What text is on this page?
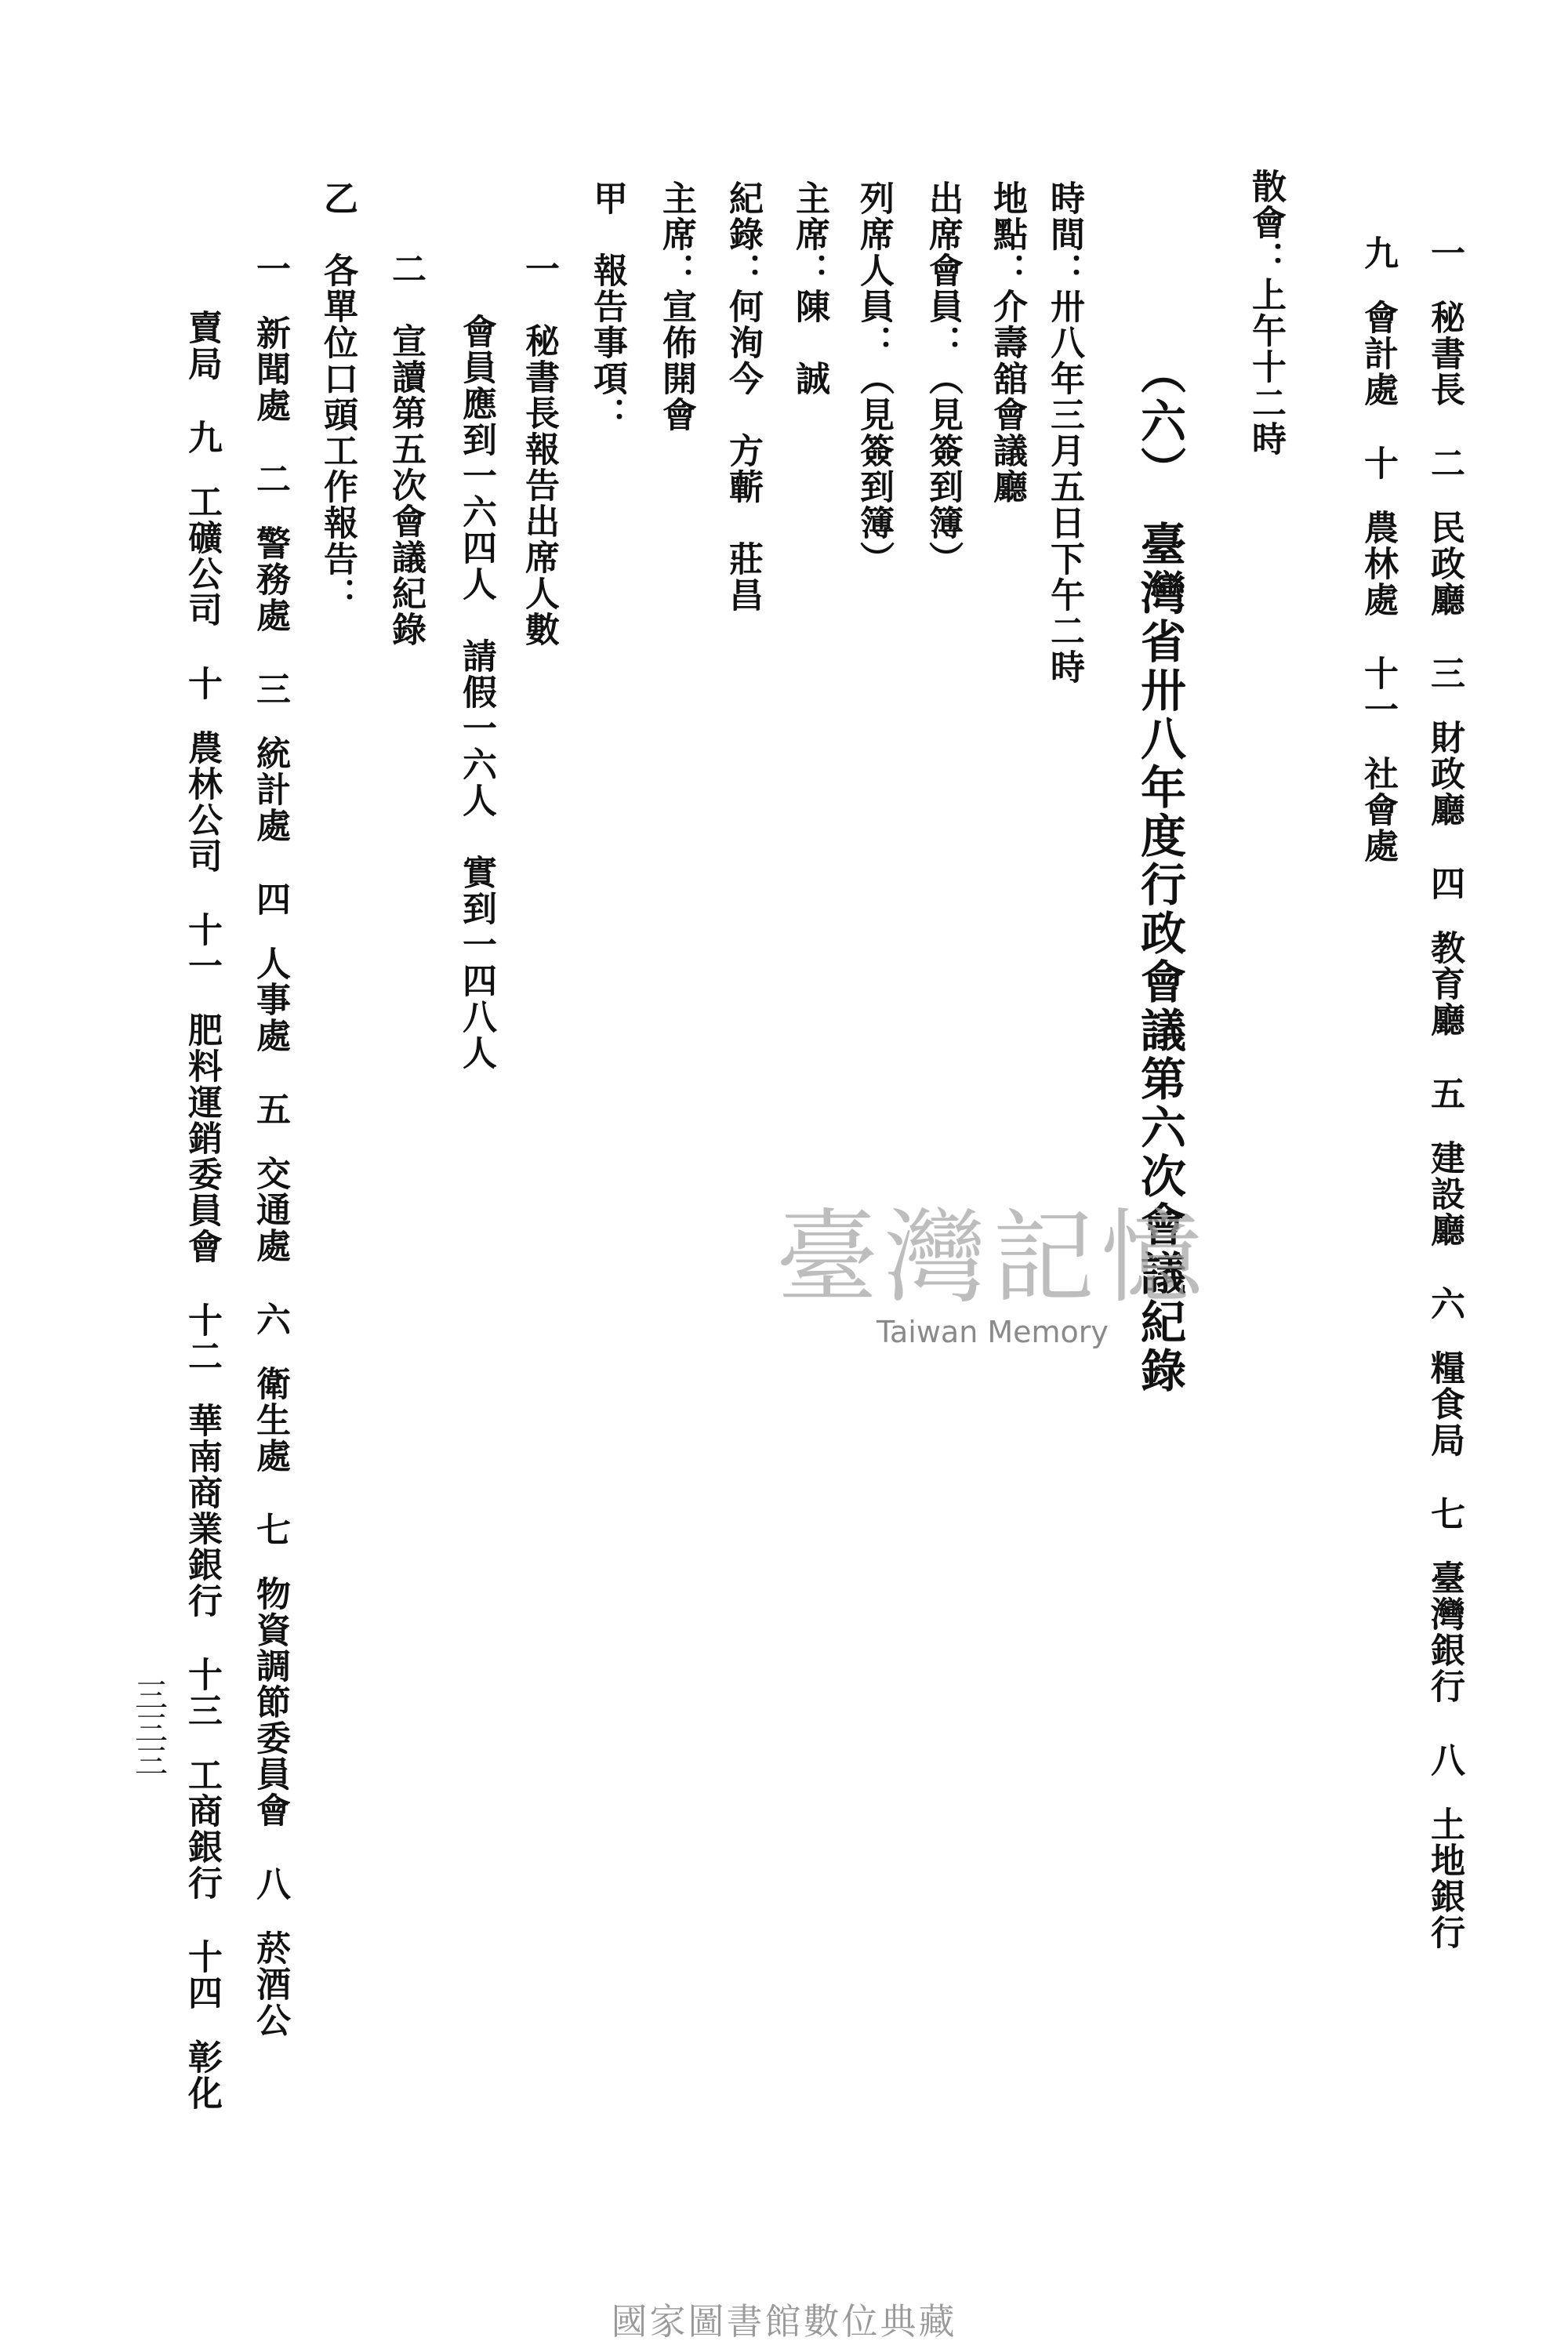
一秘書長二民政廳三財政廳四教育廳五建設廳六糧食局七臺灣銀行八土地銀行
九會計處十農林處十一社會處
散會：上午十二時
（六）　臺灣省卅八年度行政會議第六次會議紀錄
時間：卅八年三月五日下午二時
地點：介壽舘會議廳
出席會員：（見簽到簿）
列席人員：（見簽到簿）
主席：陳　誠
紀錄：何洵今　方蘄　莊昌
主席：宣佈開會
甲　報告事項：
一　秘書長報告出席人數
會員應到一六四人　請假一六人　實到一四八人
二　宣讀第五次會議紀錄
乙　各單位口頭工作報告：
一新聞處二警務處三統計處四人事處五交通處六衛生處七物資調節委員會八菸酒公
賣局九工礦公司十農林公司十一肥料運銷委員會十二華南商業銀行十三工商銀行十四彰化
三三三
臺灣記憶
Taiwan Memory
國家圖書館數位典藏
